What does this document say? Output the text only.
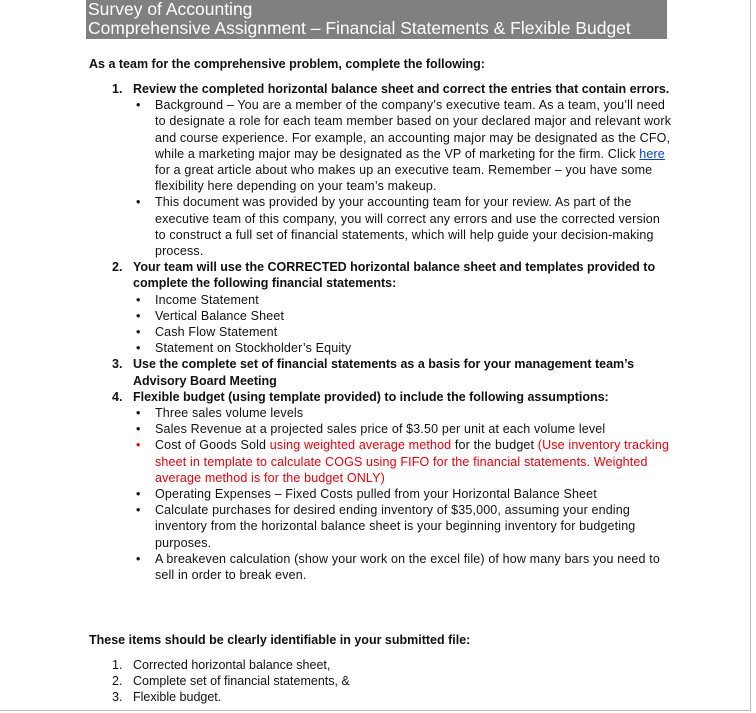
Survey of Accounting
Comprehensive Assignment – Financial Statements & Flexible Budget
As a team for the comprehensive problem, complete the following:
1. Review the completed horizontal balance sheet and correct the entries that contain errors.
• Background – You are a member of the company’s executive team. As a team, you’ll need to designate a role for each team member based on your declared major and relevant work and course experience. For example, an accounting major may be designated as the CFO, while a marketing major may be designated as the VP of marketing for the firm. Click here for a great article about who makes up an executive team. Remember – you have some flexibility here depending on your team’s makeup.
• This document was provided by your accounting team for your review. As part of the executive team of this company, you will correct any errors and use the corrected version to construct a full set of financial statements, which will help guide your decision-making process.
2. Your team will use the CORRECTED horizontal balance sheet and templates provided to complete the following financial statements:
• Income Statement
• Vertical Balance Sheet
• Cash Flow Statement
• Statement on Stockholder’s Equity
3. Use the complete set of financial statements as a basis for your management team’s Advisory Board Meeting
4. Flexible budget (using template provided) to include the following assumptions:
• Three sales volume levels
• Sales Revenue at a projected sales price of $3.50 per unit at each volume level
• Cost of Goods Sold using weighted average method for the budget (Use inventory tracking sheet in template to calculate COGS using FIFO for the financial statements. Weighted average method is for the budget ONLY)
• Operating Expenses – Fixed Costs pulled from your Horizontal Balance Sheet
• Calculate purchases for desired ending inventory of $35,000, assuming your ending inventory from the horizontal balance sheet is your beginning inventory for budgeting purposes.
• A breakeven calculation (show your work on the excel file) of how many bars you need to sell in order to break even.
These items should be clearly identifiable in your submitted file:
1. Corrected horizontal balance sheet,
2. Complete set of financial statements, &
3. Flexible budget.
